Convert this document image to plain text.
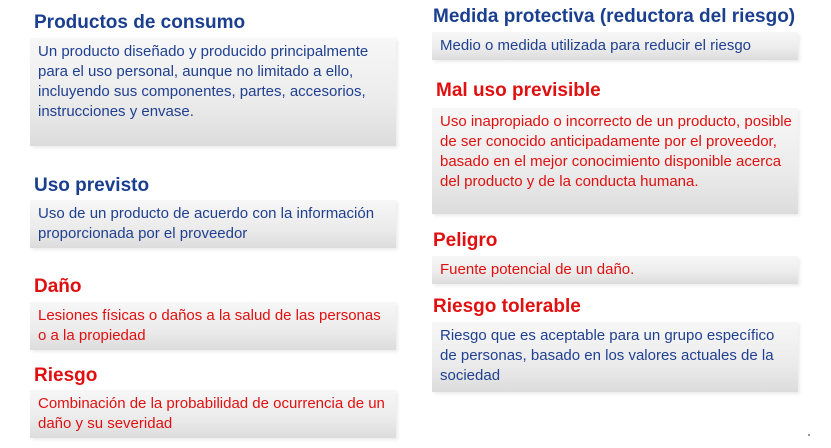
Productos de consumo
Un producto diseñado y producido principalmente para el uso personal, aunque no limitado a ello, incluyendo sus componentes, partes, accesorios, instrucciones y envase.
Uso previsto
Uso de un producto de acuerdo con la información proporcionada por el proveedor
Daño
Lesiones físicas o daños a la salud de las personas o a la propiedad
Riesgo
Combinación de la probabilidad de ocurrencia de un daño y su severidad
Medida protectiva (reductora del riesgo)
Medio o medida utilizada para reducir el riesgo
Mal uso previsible
Uso inapropiado o incorrecto de un producto, posible de ser conocido anticipadamente por el proveedor, basado en el mejor conocimiento disponible acerca del producto y de la conducta humana.
Peligro
Fuente potencial de un daño.
Riesgo tolerable
Riesgo que es aceptable para un grupo específico de personas, basado en los valores actuales de la sociedad
